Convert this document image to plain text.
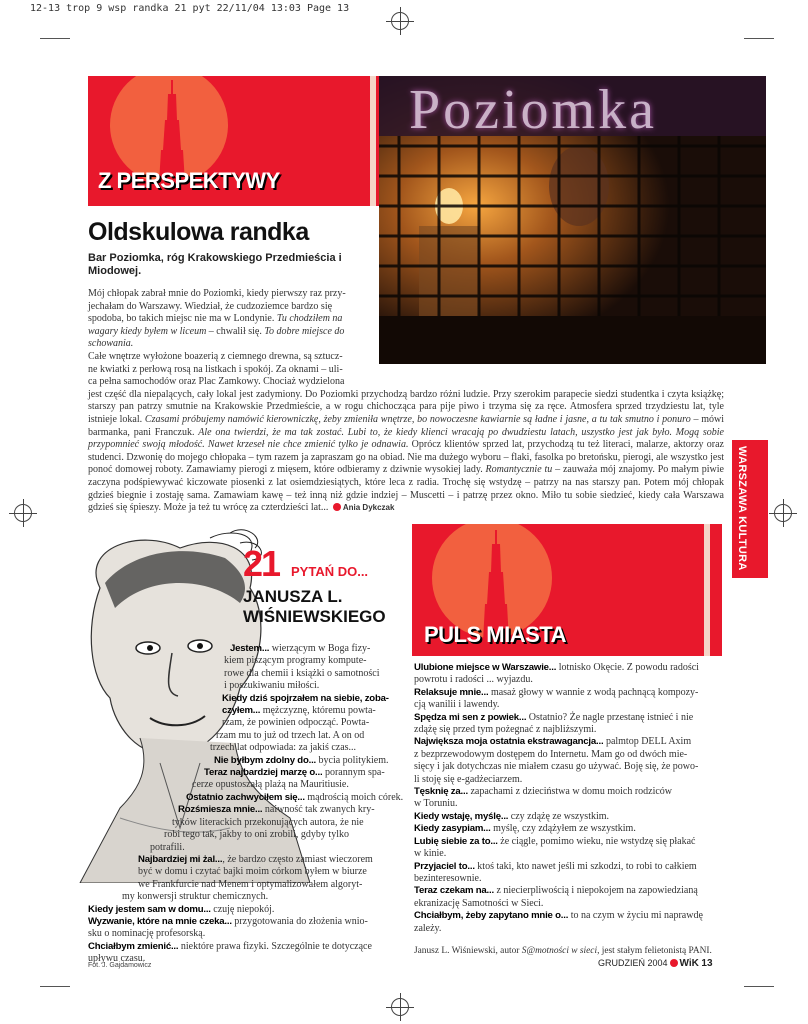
12-13 trop 9 wsp randka 21 pyt 22/11/04 13:03 Page 13
Z PERSPEKTYWY
Poziomka
Oldskulowa randka
Bar Poziomka, róg Krakowskiego Przedmieścia i Miodowej.
Mój chłopak zabrał mnie do Poziomki, kiedy pierwszy raz przy-
jechałam do Warszawy. Wiedział, że cudzoziemce bardzo się
spodoba, bo takich miejsc nie ma w Londynie. Tu chodziłem na
wagary kiedy byłem w liceum – chwalił się. To dobre miejsce do
schowania.
Całe wnętrze wyłożone boazerią z ciemnego drewna, są sztucz-
ne kwiatki z perłową rosą na listkach i spokój. Za oknami – uli-
ca pełna samochodów oraz Plac Zamkowy. Chociaż wydzielona
jest część dla niepalących, cały lokal jest zadymiony. Do Poziomki przychodzą bardzo różni ludzie. Przy szerokim parapecie siedzi studentka i czyta książkę; starszy pan patrzy smutnie na Krakowskie Przedmieście, a w rogu chichocząca para pije piwo i trzyma się za ręce. Atmosfera sprzed trzydziestu lat, tyle istnieje lokal. Czasami próbujemy namówić kierowniczkę, żeby zmieniła wnętrze, bo nowoczesne kawiarnie są ładne i jasne, a tu tak smutno i ponuro – mówi barmanka, pani Franczuk. Ale ona twierdzi, że ma tak zostać. Lubi to, że kiedy klienci wracają po dwudziestu latach, uszystko jest jak było. Mogą sobie przypomnieć swoją młodość. Nawet krzeseł nie chce zmienić tylko je odnawia. Oprócz klientów sprzed lat, przychodzą tu też literaci, malarze, aktorzy oraz studenci. Dzwonię do mojego chłopaka – tym razem ja zapraszam go na obiad. Nie ma dużego wyboru – flaki, fasolka po bretońsku, pierogi, ale wszystko jest ponoć domowej roboty. Zamawiamy pierogi z mięsem, które odbieramy z dziwnie wysokiej lady. Romantycznie tu – zauważa mój znajomy. Po małym piwie zaczyna podśpiewywać kiczowate piosenki z lat osiemdziesiątych, które leca z radia. Trochę się wstydzę – patrzy na nas starszy pan. Potem mój chłopak gdzieś biegnie i zostaję sama. Zamawiam kawę – też inną niż gdzie indziej – Muscetti – i patrzę przez okno. Miło tu sobie siedzieć, kiedy cała Warszawa gdzieś się śpieszy. Może ja też tu wrócę za czterdzieści lat... Ania Dykczak	WARSZAWA KULTURA
21 PYTAŃ DO...
JANUSZA L.
WIŚNIEWSKIEGO
Jestem... wierzącym w Boga fizy-
kiem piszącym programy kompute-
rowe dla chemii i książki o samotności
i poszukiwaniu miłości.
Kiedy dziś spojrzałem na siebie, zoba-
czyłem... mężczyznę, któremu powta-
rzam, że powinien odpocząć. Powta-
rzam mu to już od trzech lat. A on od
trzech lat odpowiada: za jakiś czas...
Nie byłbym zdolny do... bycia politykiem.
Teraz najbardziej marzę o... porannym spa-
cerze opustoszałą plażą na Mauritiusie.
Ostatnio zachwyciłem się... mądrością moich córek.
Rozśmiesza mnie... naiwność tak zwanych kry-
tyków literackich przekonujących autora, że nie
robi tego tak, jakby to oni zrobili, gdyby tylko
potrafili.
Najbardziej mi żal..., że bardzo często zamiast wieczorem
być w domu i czytać bajki moim córkom byłem w biurze
we Frankfurcie nad Menem i optymalizowałem algoryt-
my konwersji struktur chemicznych.
Kiedy jestem sam w domu... czuję niepokój.
Wyzwanie, które na mnie czeka... przygotowania do złożenia wnio-
sku o nominację profesorską.
Chciałbym zmienić... niektóre prawa fizyki. Szczególnie te dotyczące
upływu czasu.
PULS MIASTA
Ulubione miejsce w Warszawie... lotnisko Okęcie. Z powodu radości
powrotu i radości ... wyjazdu.
Relaksuje mnie... masaż głowy w wannie z wodą pachnącą kompozy-
cją wanilii i lawendy.
Spędza mi sen z powiek... Ostatnio? Że nagle przestanę istnieć i nie
zdążę się przed tym pożegnać z najbliższymi.
Największa moja ostatnia ekstrawagancja... palmtop DELL Axim
z bezprzewodowym dostępem do Internetu. Mam go od dwóch mie-
sięcy i jak dotychczas nie miałem czasu go używać. Boję się, że powo-
li stoję się e-gadżeciarzem.
Tęsknię za... zapachami z dzieciństwa w domu moich rodziców
w Toruniu.
Kiedy wstaję, myślę... czy zdążę ze wszystkim.
Kiedy zasypiam... myślę, czy zdążyłem ze wszystkim.
Lubię siebie za to... że ciągle, pomimo wieku, nie wstydzę się płakać
w kinie.
Przyjaciel to... ktoś taki, kto nawet jeśli mi szkodzi, to robi to całkiem
bezinteresownie.
Teraz czekam na... z niecierpliwością i niepokojem na zapowiedzianą
ekranizację Samotności w Sieci.
Chciałbym, żeby zapytano mnie o... to na czym w życiu mi naprawdę
zależy.
Janusz L. Wiśniewski, autor S@motności w sieci, jest stałym felietonistą PANI.
Fot. J. Gajdamowicz	GRUDZIEŃ 2004 WiK 13
